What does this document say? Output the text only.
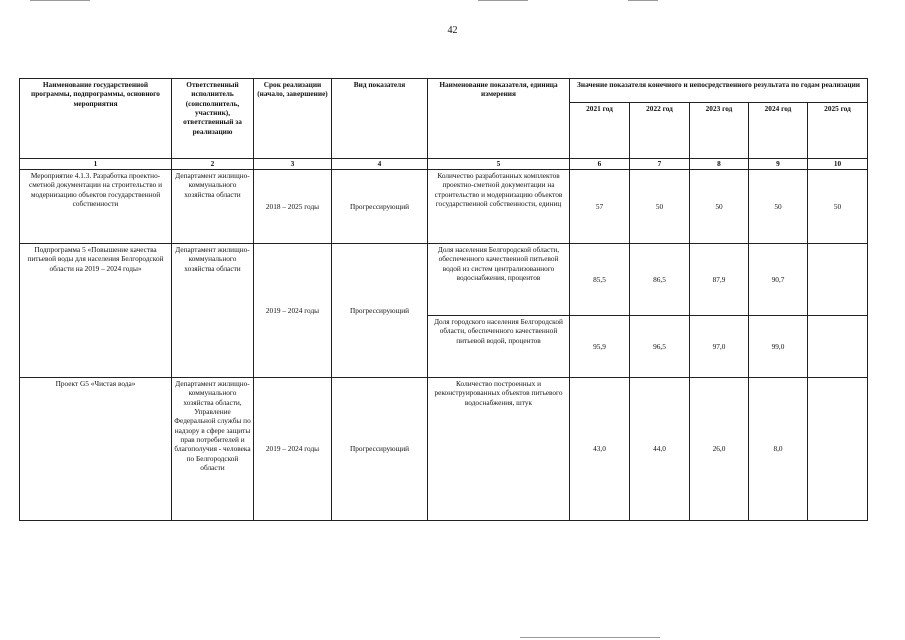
42
Наименование государственной программы, подпрограммы, основного мероприятия	Ответственный исполнитель (соисполнитель, участник), ответственный за реализацию	Срок реализации (начало, завершение)	Вид показателя	Наименование показателя, единица измерения	Значение показателя конечного и непосредственного результата по годам реализации				
					2021 год	2022 год	2023 год	2024 год	2025 год
1	2	3	4	5	6	7	8	9	10
Мероприятие 4.1.3. Разработка проектно-сметной документации на строительство и модернизацию объектов государственной собственности	Департамент жилищно-коммунального хозяйства области	2018 – 2025 годы	Прогрессирующий	Количество разработанных комплектов проектно-сметной документации на строительство и модернизацию объектов государственной собственности, единиц	57	50	50	50	50
Подпрограмма 5 «Повышение качества питьевой воды для населения Белгородской области на 2019 – 2024 годы»	Департамент жилищно-коммунального хозяйства области	2019 – 2024 годы	Прогрессирующий	Доля населения Белгородской области, обеспеченного качественной питьевой водой из систем централизованного водоснабжения, процентов	85,5	86,5	87,9	90,7	
				Доля городского населения Белгородской области, обеспеченного качественной питьевой водой, процентов	95,9	96,5	97,0	99,0	
Проект G5 «Чистая вода»	Департамент жилищно-коммунального хозяйства области, Управление Федеральной службы по надзору в сфере защиты прав потребителей и благополучия - человека по Белгородской области	2019 – 2024 годы	Прогрессирующий	Количество построенных и реконструированных объектов питьевого водоснабжения, штук	43,0	44,0	26,0	8,0	
